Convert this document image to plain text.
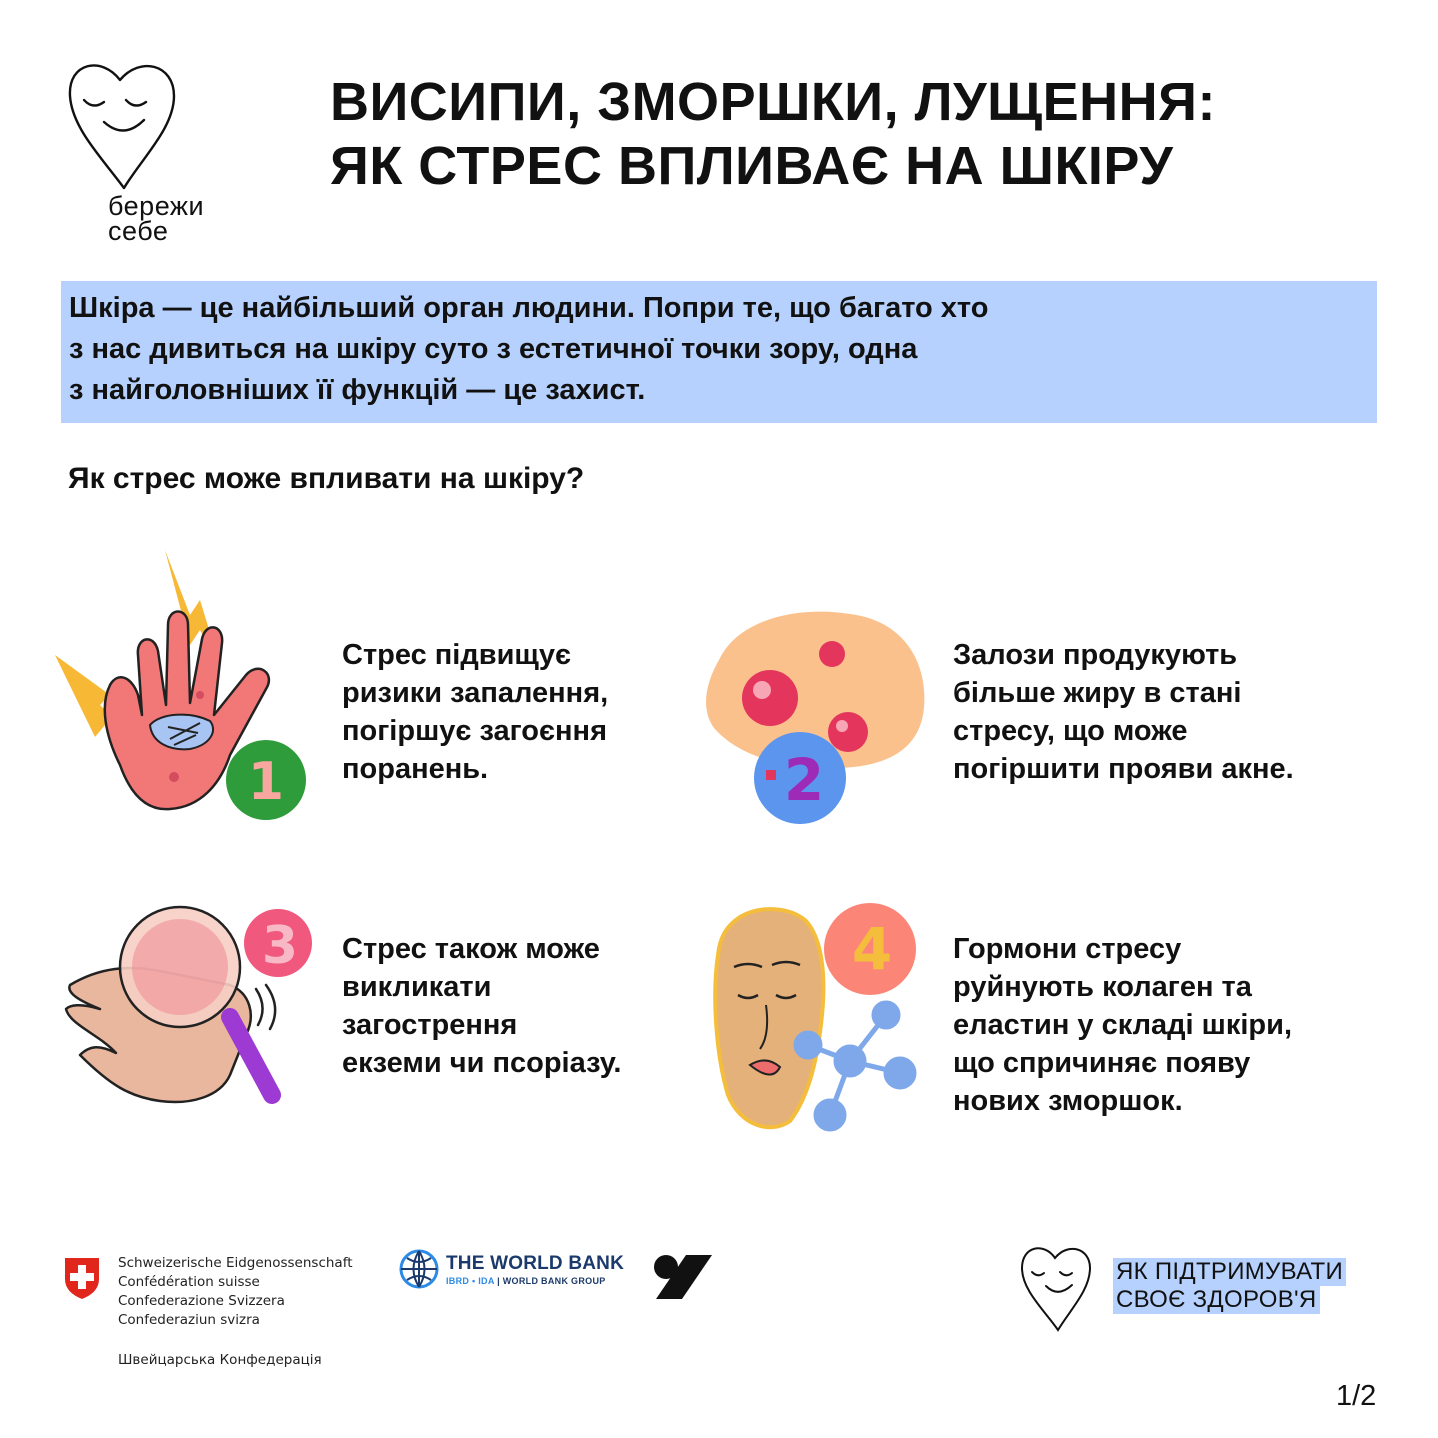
бережи
себе
ВИСИПИ, ЗМОРШКИ, ЛУЩЕННЯ:
ЯК СТРЕС ВПЛИВАЄ НА ШКІРУ
Шкіра — це найбільший орган людини. Попри те, що багато хто
з нас дивиться на шкіру суто з естетичної точки зору, одна
з найголовніших її функцій — це захист.
Як стрес може впливати на шкіру?
1
Стрес підвищує
ризики запалення,
погіршує загоєння
поранень.	2
Залози продукують
більше жиру в стані
стресу, що може
погіршити прояви акне.
3 Стрес також може
викликати
загострення
екземи чи псоріазу.
4 Гормони стресу
руйнують колаген та
еластин у складі шкіри,
що спричиняє появу
нових зморшок.
Schweizerische Eidgenossenschaft
Confédération suisse
Confederazione Svizzera
Confederaziun svizra
Швейцарська Конфедерація
THE WORLD BANK
IBRD • IDA | WORLD BANK GROUP	ЯК ПІДТРИМУВАТИ
СВОЄ ЗДОРОВ'Я
1/2
